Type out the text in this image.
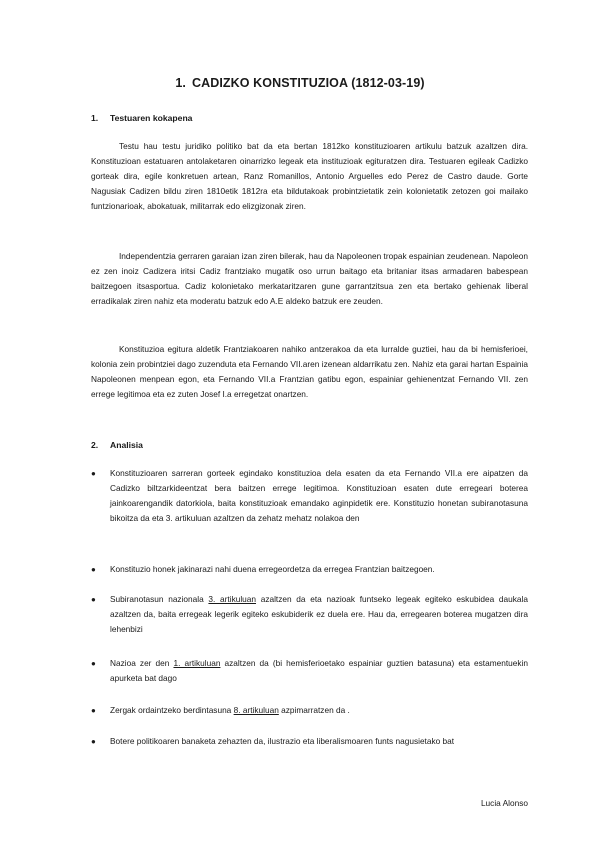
1. CADIZKO KONSTITUZIOA (1812-03-19)
1. Testuaren kokapena

Testu hau testu juridiko politiko bat da eta bertan 1812ko konstituzioaren artikulu batzuk azaltzen dira. Konstituzioan estatuaren antolaketaren oinarrizko legeak eta instituzioak egituratzen dira. Testuaren egileak Cadizko gorteak dira, egile konkretuen artean, Ranz Romanillos, Antonio Arguelles edo Perez de Castro daude. Gorte Nagusiak Cadizen bildu ziren 1810etik 1812ra eta bildutakoak probintzietatik zein kolonietatik zetozen goi mailako funtzionarioak, abokatuak, militarrak edo elizgizonak ziren.

Independentzia gerraren garaian izan ziren bilerak, hau da Napoleonen tropak espainian zeudenean. Napoleon ez zen inoiz Cadizera iritsi Cadiz frantziako mugatik oso urrun baitago eta britaniar itsas armadaren babespean baitzegoen itsasportua. Cadiz kolonietako merkataritzaren gune garrantzitsua zen eta bertako gehienak liberal erradikalak ziren nahiz eta moderatu batzuk edo A.E aldeko batzuk ere zeuden.

Konstituzioa egitura aldetik Frantziakoaren nahiko antzerakoa da eta lurralde guztiei, hau da bi hemisferioei, kolonia zein probintziei dago zuzenduta eta Fernando VII.aren izenean aldarrikatu zen. Nahiz eta garai hartan Espainia Napoleonen menpean egon, eta Fernando VII.a Frantzian gatibu egon, espainiar gehienentzat Fernando VII. zen errege legitimoa eta ez zuten Josef I.a erregetzat onartzen.

2. Analisia
●	Konstituzioaren sarreran gorteek egindako konstituzioa dela esaten da eta Fernando VII.a ere aipatzen da Cadizko biltzarkideentzat bera baitzen errege legitimoa. Konstituzioan esaten dute erregeari boterea jainkoarengandik datorkiola, baita konstituzioak emandako aginpidetik ere. Konstituzio honetan subiranotasuna bikoitza da eta 3. artikuluan azaltzen da zehatz mehatz nolakoa den
●	Konstituzio honek jakinarazi nahi duena erregeordetza da erregea Frantzian baitzegoen.
●	Subiranotasun nazionala 3. artikuluan azaltzen da eta nazioak funtseko legeak egiteko eskubidea daukala azaltzen da, baita erregeak legerik egiteko eskubiderik ez duela ere. Hau da, erregearen boterea mugatzen dira lehenbizi
●	Nazioa zer den 1. artikuluan azaltzen da (bi hemisferioetako espainiar guztien batasuna) eta estamentuekin apurketa bat dago
●	Zergak ordaintzeko berdintasuna 8. artikuluan azpimarratzen da .
●	Botere politikoaren banaketa zehazten da, ilustrazio eta liberalismoaren funts nagusietako bat
Lucia Alonso
